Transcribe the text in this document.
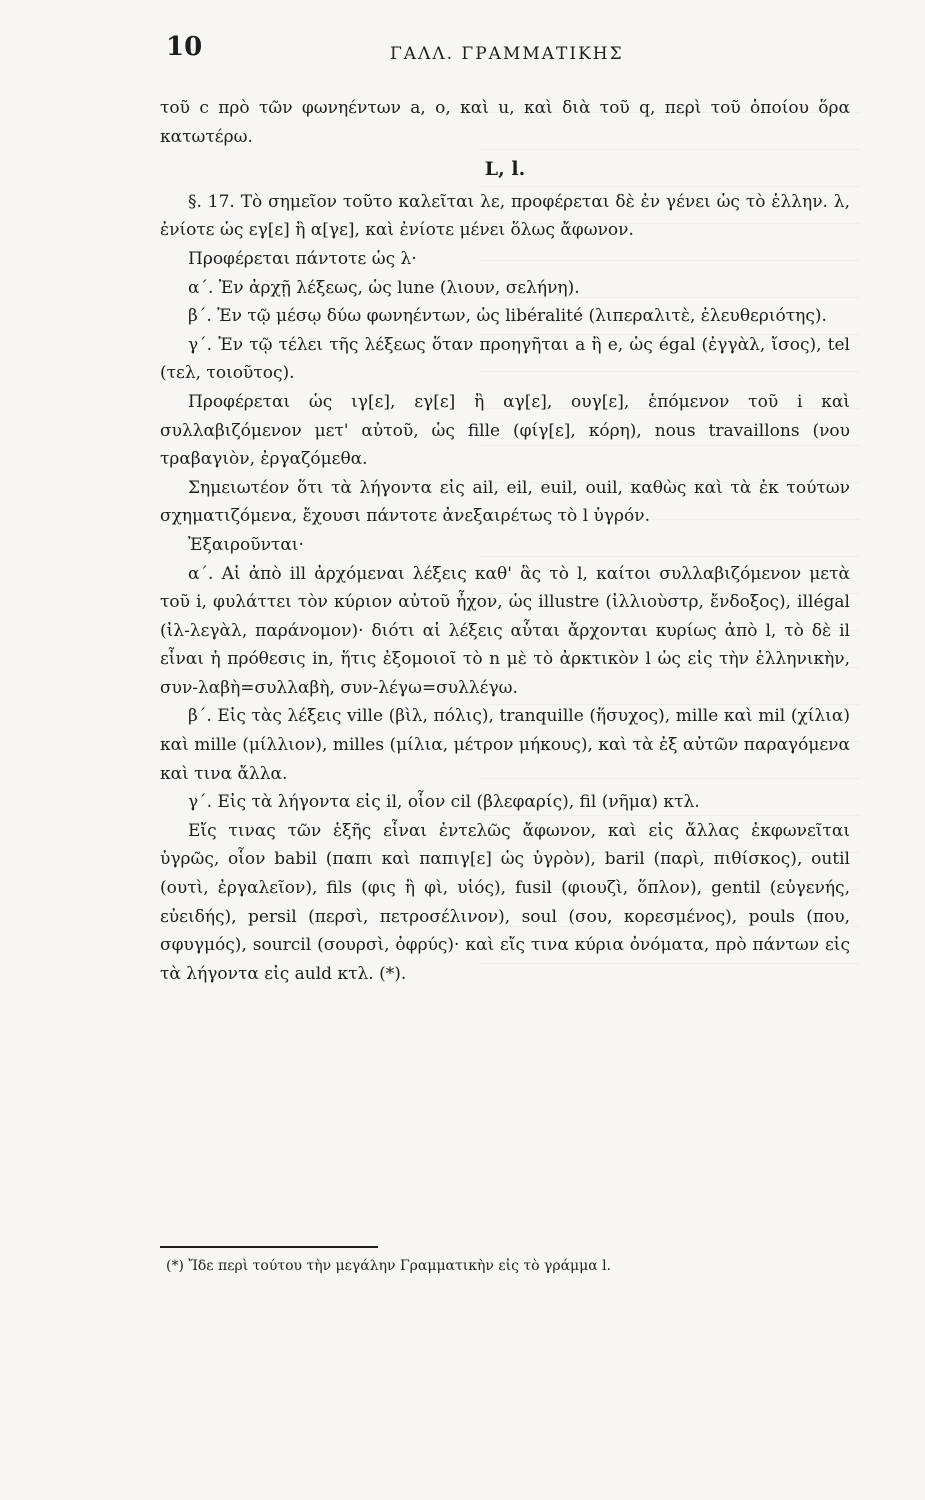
10	ΓΑΛΛ. ΓΡΑΜΜΑΤΙΚΗΣ

τοῦ c πρὸ τῶν φωνηέντων a, o, καὶ u, καὶ διὰ τοῦ q, περὶ τοῦ ὁποίου ὅρα κατωτέρω.

L, l.

§. 17. Τὸ σημεῖον τοῦτο καλεῖται λε, προφέρεται δὲ ἐν γένει ὡς τὸ ἑλλην. λ, ἐνίοτε ὡς εγ[ε] ἢ α[γε], καὶ ἐνίοτε μένει ὅλως ἄφωνον.

Προφέρεται πάντοτε ὡς λ·

α΄. Ἐν ἀρχῇ λέξεως, ὡς lune (λιουν, σελήνη).

β΄. Ἐν τῷ μέσῳ δύω φωνηέντων, ὡς libéralité (λιπεραλιτὲ, ἐλευθεριότης).

γ΄. Ἐν τῷ τέλει τῆς λέξεως ὅταν προηγῆται a ἢ e, ὡς égal (ἐγγὰλ, ἴσος), tel (τελ, τοιοῦτος).

Προφέρεται ὡς ιγ[ε], εγ[ε] ἢ αγ[ε], ουγ[ε], ἑπόμενον τοῦ i καὶ συλλαβιζόμενον μετ' αὐτοῦ, ὡς fille (φίγ[ε], κόρη), nous travaillons (νου τραβαγιὸν, ἐργαζόμεθα.

Σημειωτέον ὅτι τὰ λήγοντα εἰς ail, eil, euil, ouil, καθὼς καὶ τὰ ἐκ τούτων σχηματιζόμενα, ἔχουσι πάντοτε ἀνεξαιρέτως τὸ l ὑγρόν.

Ἐξαιροῦνται·

α΄. Αἱ ἀπὸ ill ἀρχόμεναι λέξεις καθ' ἃς τὸ l, καίτοι συλλαβιζόμενον μετὰ τοῦ i, φυλάττει τὸν κύριον αὐτοῦ ἦχον, ὡς illustre (ἰλλιοὺστρ, ἔνδοξος), illégal (ἰλ-λεγὰλ, παράνομον)· διότι αἱ λέξεις αὗται ἄρχονται κυρίως ἀπὸ l, τὸ δὲ il εἶναι ἡ πρόθεσις in, ἥτις ἐξομοιοῖ τὸ n μὲ τὸ ἀρκτικὸν l ὡς εἰς τὴν ἑλληνικὴν, συν-λαβὴ=συλλαβὴ, συν-λέγω=συλλέγω.

β΄. Εἰς τὰς λέξεις ville (βὶλ, πόλις), tranquille (ἥσυχος), mille καὶ mil (χίλια) καὶ mille (μίλλιον), milles (μίλια, μέτρον μήκους), καὶ τὰ ἐξ αὐτῶν παραγόμενα καὶ τινα ἄλλα.

γ΄. Εἰς τὰ λήγοντα εἰς il, οἷον cil (βλεφαρίς), fil (νῆμα) κτλ.

Εἴς τινας τῶν ἑξῆς εἶναι ἐντελῶς ἄφωνον, καὶ εἰς ἄλλας ἐκφωνεῖται ὑγρῶς, οἷον babil (παπι καὶ παπιγ[ε] ὡς ὑγρὸν), baril (παρὶ, πιθίσκος), outil (ουτὶ, ἐργαλεῖον), fils (φις ἢ φὶ, υἱός), fusil (φιουζὶ, ὅπλον), gentil (εὐγενής, εὐειδής), persil (περσὶ, πετροσέλινον), soul (σου, κορεσμένος), pouls (που, σφυγμός), sourcil (σουρσὶ, ὀφρύς)· καὶ εἴς τινα κύρια ὀνόματα, πρὸ πάντων εἰς τὰ λήγοντα εἰς auld κτλ. (*).

(*) Ἴδε περὶ τούτου τὴν μεγάλην Γραμματικὴν εἰς τὸ γράμμα l.
